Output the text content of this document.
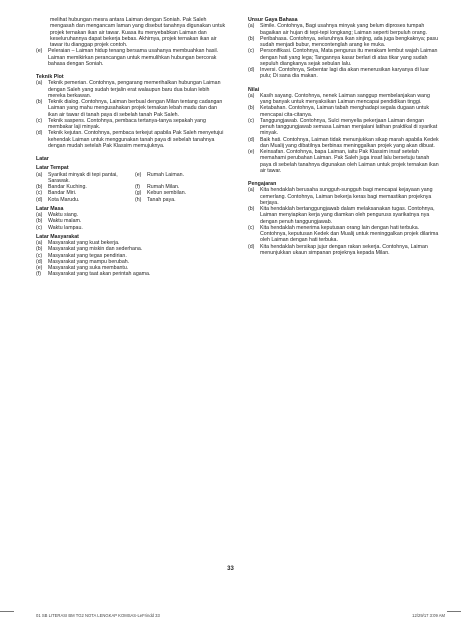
melihat hubungan mesra antara Laiman dengan Soniah. Pak Saleh mengasah dan mengancam laman yang disebut tanahnya digunakan untuk projek ternakan ikan air tawar. Kuasa itu menyebabkan Laiman dan keseluruhannya dapat bekerja bebas. Akhirnya, projek ternakan ikan air tawar itu dianggap projek contoh.

(e) Peleraian – Laiman hidup tenang bersama usahanya membuahkan hasil. Laiman memikirkan perancangan untuk memulihkan hubungan bercorak bahasa dengan Soniah.
Teknik Plot
(a) Teknik pemerian. Contohnya, pengarang memerihalkan hubungan Laiman dengan Saleh yang sudah terjalin erat walaupun baru dua bulan lebih mereka berkawan.
(b) Teknik dialog. Contohnya, Laiman berbual dengan Milan tentang cadangan Laiman yang mahu mengusahakan projek ternakan lebah madu dan dan ikan air tawar di tanah paya di sebelah tanah Pak Saleh.
(c) Teknik saspens. Contohnya, pembaca tertanya-tanya sepakah yang membakar laji minyak.
(d) Teknik kejutan. Contohnya, pembaca terkejut apabila Pak Saleh menyetujui kehendak Laiman untuk menggunakan tanah paya di sebelah tanahnya dengan mudah setelah Pak Klassim memujuknya.
Latar
Latar Tempat
(a) Syarikat minyak di tepi pantai, Sarawak.
(e) Rumah Laiman.
(b) Bandar Kuching.	(f) Rumah Milan.
(c) Bandar Miri.	(g) Kebun sembilan.
(d) Kota Marudu.	(h) Tanah paya.
Latar Masa
(a) Waktu siang.
(b) Waktu malam.
(c) Waktu lampau.
Latar Masyarakat
(a) Masyarakat yang kuat bekerja.
(b) Masyarakat yang miskin dan sederhana.
(c) Masyarakat yang tegas pendirian.
(d) Masyarakat yang mampu berubah.
(e) Masyarakat yang suka membantu.
(f) Masyarakat yang taat akan perintah agama.
Unsur Gaya Bahasa
(a) Simile. Contohnya, Bagi usahnya minyak yang belum diproses tumpah bagaikan air hujan di tepi-tepi longkang; Laiman seperti berpuluh orang.
(b) Peribahasa. Contohnya, seluruhnya ikan sinjing, ada juga bengkaknya; pasu sudah menjadi bubur, mencontenglah arang ke muka.
(c) Personifikasi. Contohnya, Mata pengurus itu merakam lembut wajah Laiman dengan hati yang lega; Tangannya kasar berlari di atas tikar yang sudah sepuluh diangkanya sejak sebulan lalu.
(d) Inversi. Contohnya, Sebentar lagi dia akan menerusikan karyanya di luar pulu; Di sana dia makan.
Nilai
(a) Kasih sayang. Contohnya, nenek Laiman sanggup membelanjakan wang yang banyak untuk menyaksikan Laiman mencapai pendidikan tinggi.
(b) Ketabahan. Contohnya, Laiman tabah menghadapi segala dugaan untuk mencapai cita-citanya.
(c) Tanggungjawab. Contohnya, Sulci menyelia pekerjaan Laiman dengan penuh tanggungjawab semasa Laiman menjalani latihan praktikal di syarikat minyak.
(d) Baik hati. Contohnya, Laiman tidak menunjukkan sikap marah apabila Kedek dan Mualij yang dibatilnya berbinas meninggalkan projek yang akan dibuat.
(e) Keinsafan. Contohnya, bapa Laiman, iaitu Pak Klassim insaf setelah memahami perubahan Laiman. Pak Saleh juga insaf lalu bersetuju tanah paya di sebelah tanahnya digunakan oleh Laiman untuk projek ternakan ikan air tawar.
Pengajaran
(a) Kita hendaklah berusaha sungguh-sungguh bagi mencapai kejayaan yang cemerlang. Contohnya, Laiman bekerja keras bagi memastikan projeknya berjaya.
(b) Kita hendaklah bertanggungjawab dalam melaksanakan tugas. Contohnya, Laiman menyiapkan kerja yang diamkan oleh penguruss syarikatnya nya dengan penuh tanggungjawab.
(c) Kita hendaklah menerima keputusan orang lain dengan hati terbuka. Contohnya, keputusan Kedek dan Mualij untuk meninggalkan projek dilarima oleh Laiman dengan hati terbuka.
(d) Kita hendaklah bersikap jujur dengan rakan sekerja. Contohnya, Laiman menunjukkan ukaun simpanan projeknya kepada Milan.
33
01 SB LITERASI BM TG2 NOTA LENGKAP KOMSAS-LeFrindd 33	12/29/17 3:09 AM
